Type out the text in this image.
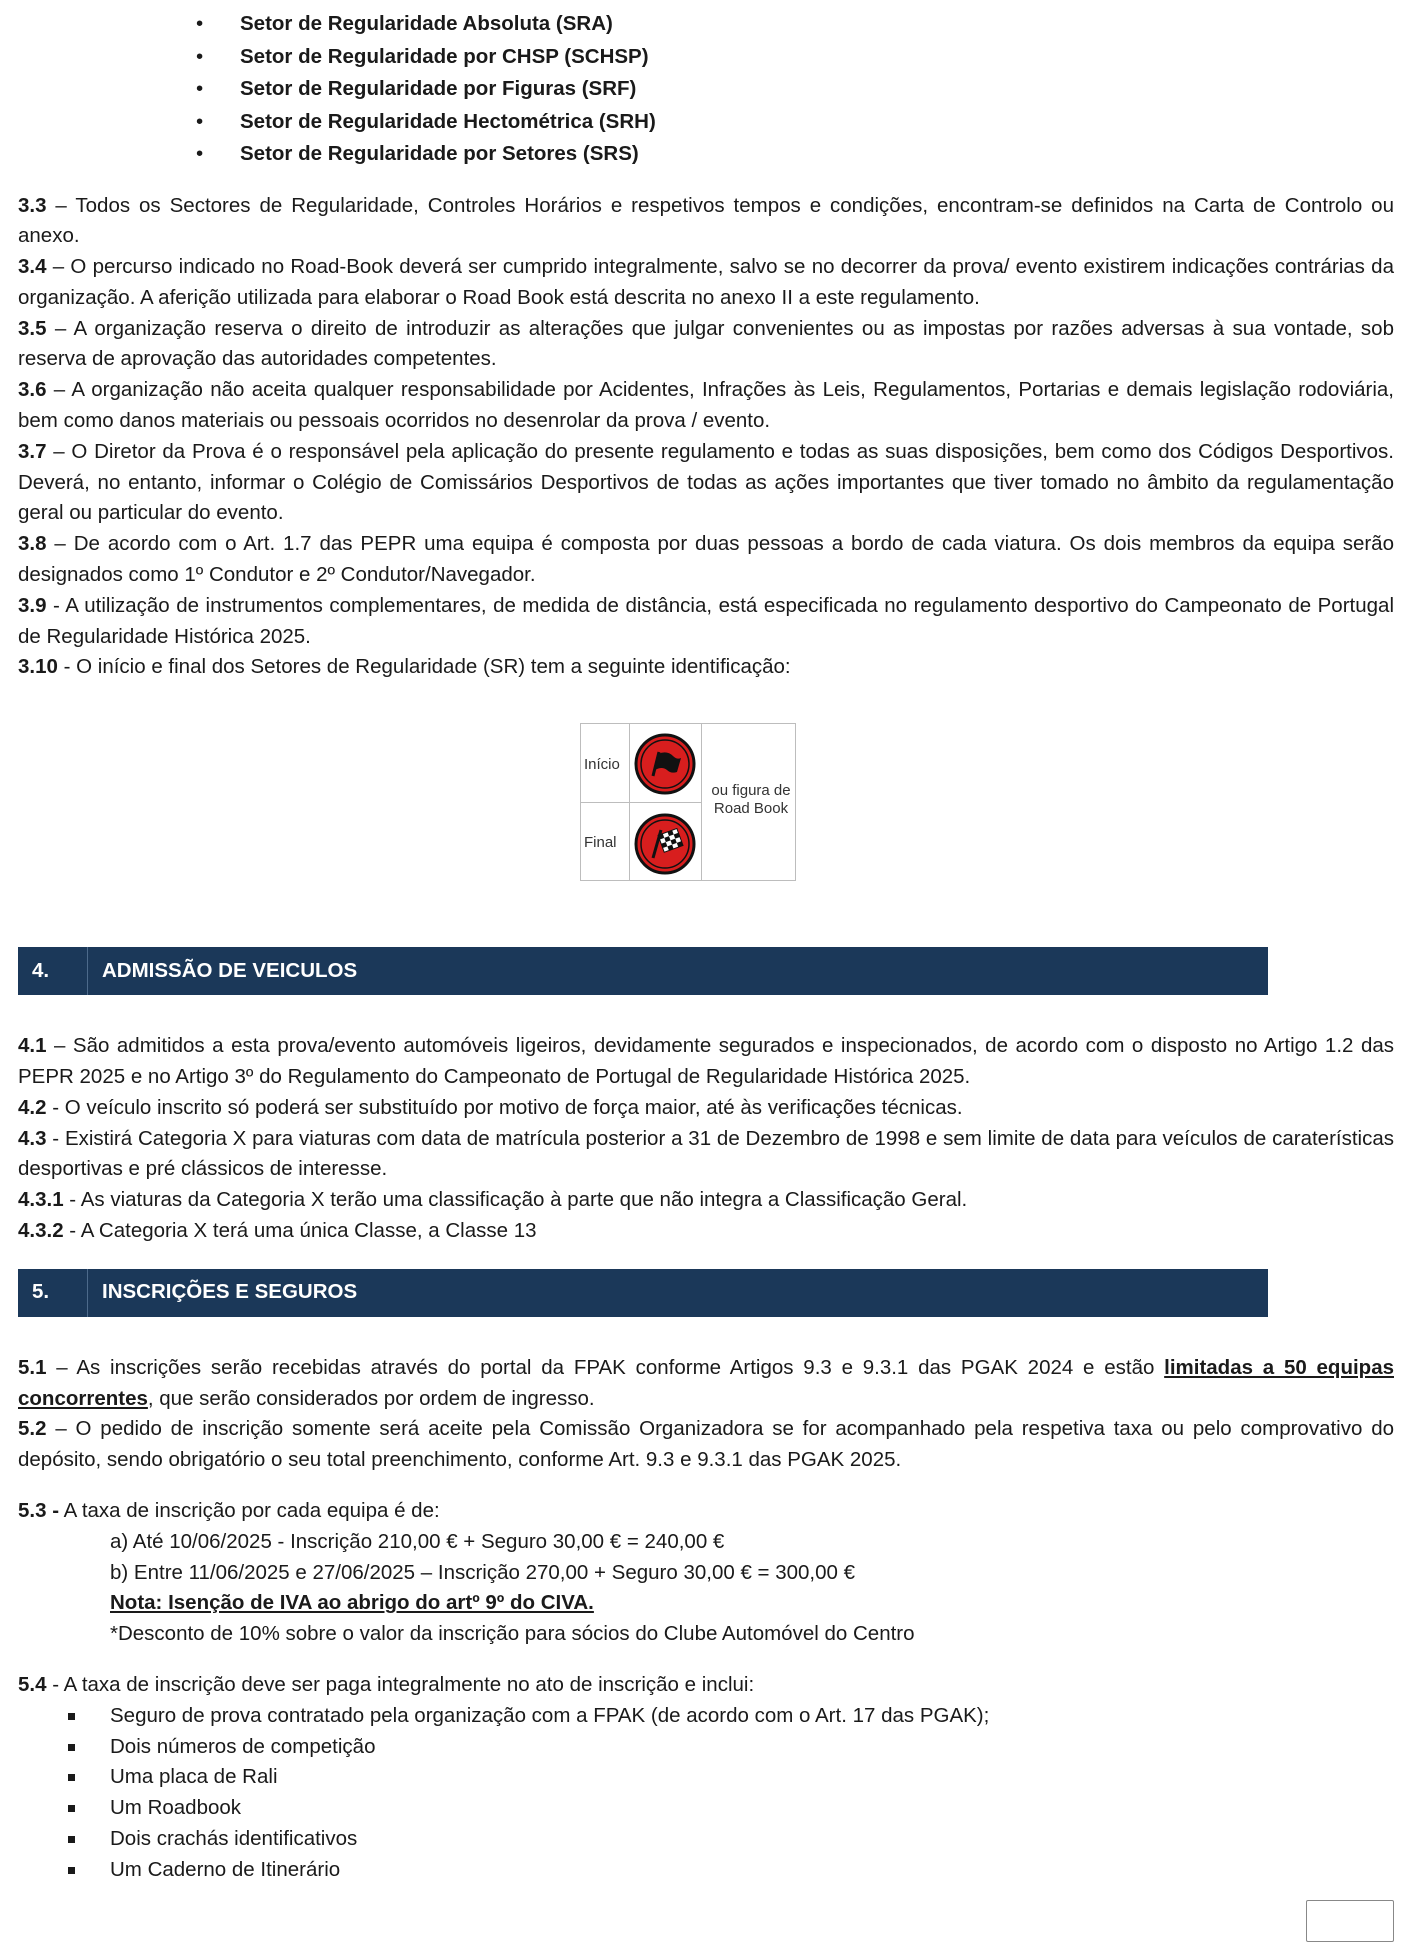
• Setor de Regularidade Absoluta (SRA)
• Setor de Regularidade por CHSP (SCHSP)
• Setor de Regularidade por Figuras (SRF)
• Setor de Regularidade Hectométrica (SRH)
• Setor de Regularidade por Setores (SRS)

3.3 – Todos os Sectores de Regularidade, Controles Horários e respetivos tempos e condições, encontram-se definidos na Carta de Controlo ou anexo.

3.4 – O percurso indicado no Road-Book deverá ser cumprido integralmente, salvo se no decorrer da prova/ evento existirem indicações contrárias da organização. A aferição utilizada para elaborar o Road Book está descrita no anexo II a este regulamento.

3.5 – A organização reserva o direito de introduzir as alterações que julgar convenientes ou as impostas por razões adversas à sua vontade, sob reserva de aprovação das autoridades competentes.

3.6 – A organização não aceita qualquer responsabilidade por Acidentes, Infrações às Leis, Regulamentos, Portarias e demais legislação rodoviária, bem como danos materiais ou pessoais ocorridos no desenrolar da prova / evento.

3.7 – O Diretor da Prova é o responsável pela aplicação do presente regulamento e todas as suas disposições, bem como dos Códigos Desportivos. Deverá, no entanto, informar o Colégio de Comissários Desportivos de todas as ações importantes que tiver tomado no âmbito da regulamentação geral ou particular do evento.

3.8 – De acordo com o Art. 1.7 das PEPR uma equipa é composta por duas pessoas a bordo de cada viatura. Os dois membros da equipa serão designados como 1º Condutor e 2º Condutor/Navegador.

3.9 - A utilização de instrumentos complementares, de medida de distância, está especificada no regulamento desportivo do Campeonato de Portugal de Regularidade Histórica 2025.

3.10 - O início e final dos Setores de Regularidade (SR) tem a seguinte identificação:

Início
Final
ou figura de Road Book
4.	ADMISSÃO DE VEICULOS

4.1 – São admitidos a esta prova/evento automóveis ligeiros, devidamente segurados e inspecionados, de acordo com o disposto no Artigo 1.2 das PEPR 2025 e no Artigo 3º do Regulamento do Campeonato de Portugal de Regularidade Histórica 2025.

4.2 - O veículo inscrito só poderá ser substituído por motivo de força maior, até às verificações técnicas.

4.3 - Existirá Categoria X para viaturas com data de matrícula posterior a 31 de Dezembro de 1998 e sem limite de data para veículos de caraterísticas desportivas e pré clássicos de interesse.

4.3.1 - As viaturas da Categoria X terão uma classificação à parte que não integra a Classificação Geral.

4.3.2 - A Categoria X terá uma única Classe, a Classe 13

5.	INSCRIÇÕES E SEGUROS

5.1 – As inscrições serão recebidas através do portal da FPAK conforme Artigos 9.3 e 9.3.1 das PGAK 2024 e estão limitadas a 50 equipas concorrentes, que serão considerados por ordem de ingresso.

5.2 – O pedido de inscrição somente será aceite pela Comissão Organizadora se for acompanhado pela respetiva taxa ou pelo comprovativo do depósito, sendo obrigatório o seu total preenchimento, conforme Art. 9.3 e 9.3.1 das PGAK 2025.

5.3 - A taxa de inscrição por cada equipa é de:

a) Até 10/06/2025 - Inscrição 210,00 € + Seguro 30,00 € = 240,00 €

b) Entre 11/06/2025 e 27/06/2025 – Inscrição 270,00 + Seguro 30,00 € = 300,00 €

Nota: Isenção de IVA ao abrigo do artº 9º do CIVA.

*Desconto de 10% sobre o valor da inscrição para sócios do Clube Automóvel do Centro

5.4 - A taxa de inscrição deve ser paga integralmente no ato de inscrição e inclui:

Seguro de prova contratado pela organização com a FPAK (de acordo com o Art. 17 das PGAK);
Dois números de competição
Uma placa de Rali
Um Roadbook
Dois crachás identificativos
Um Caderno de Itinerário
